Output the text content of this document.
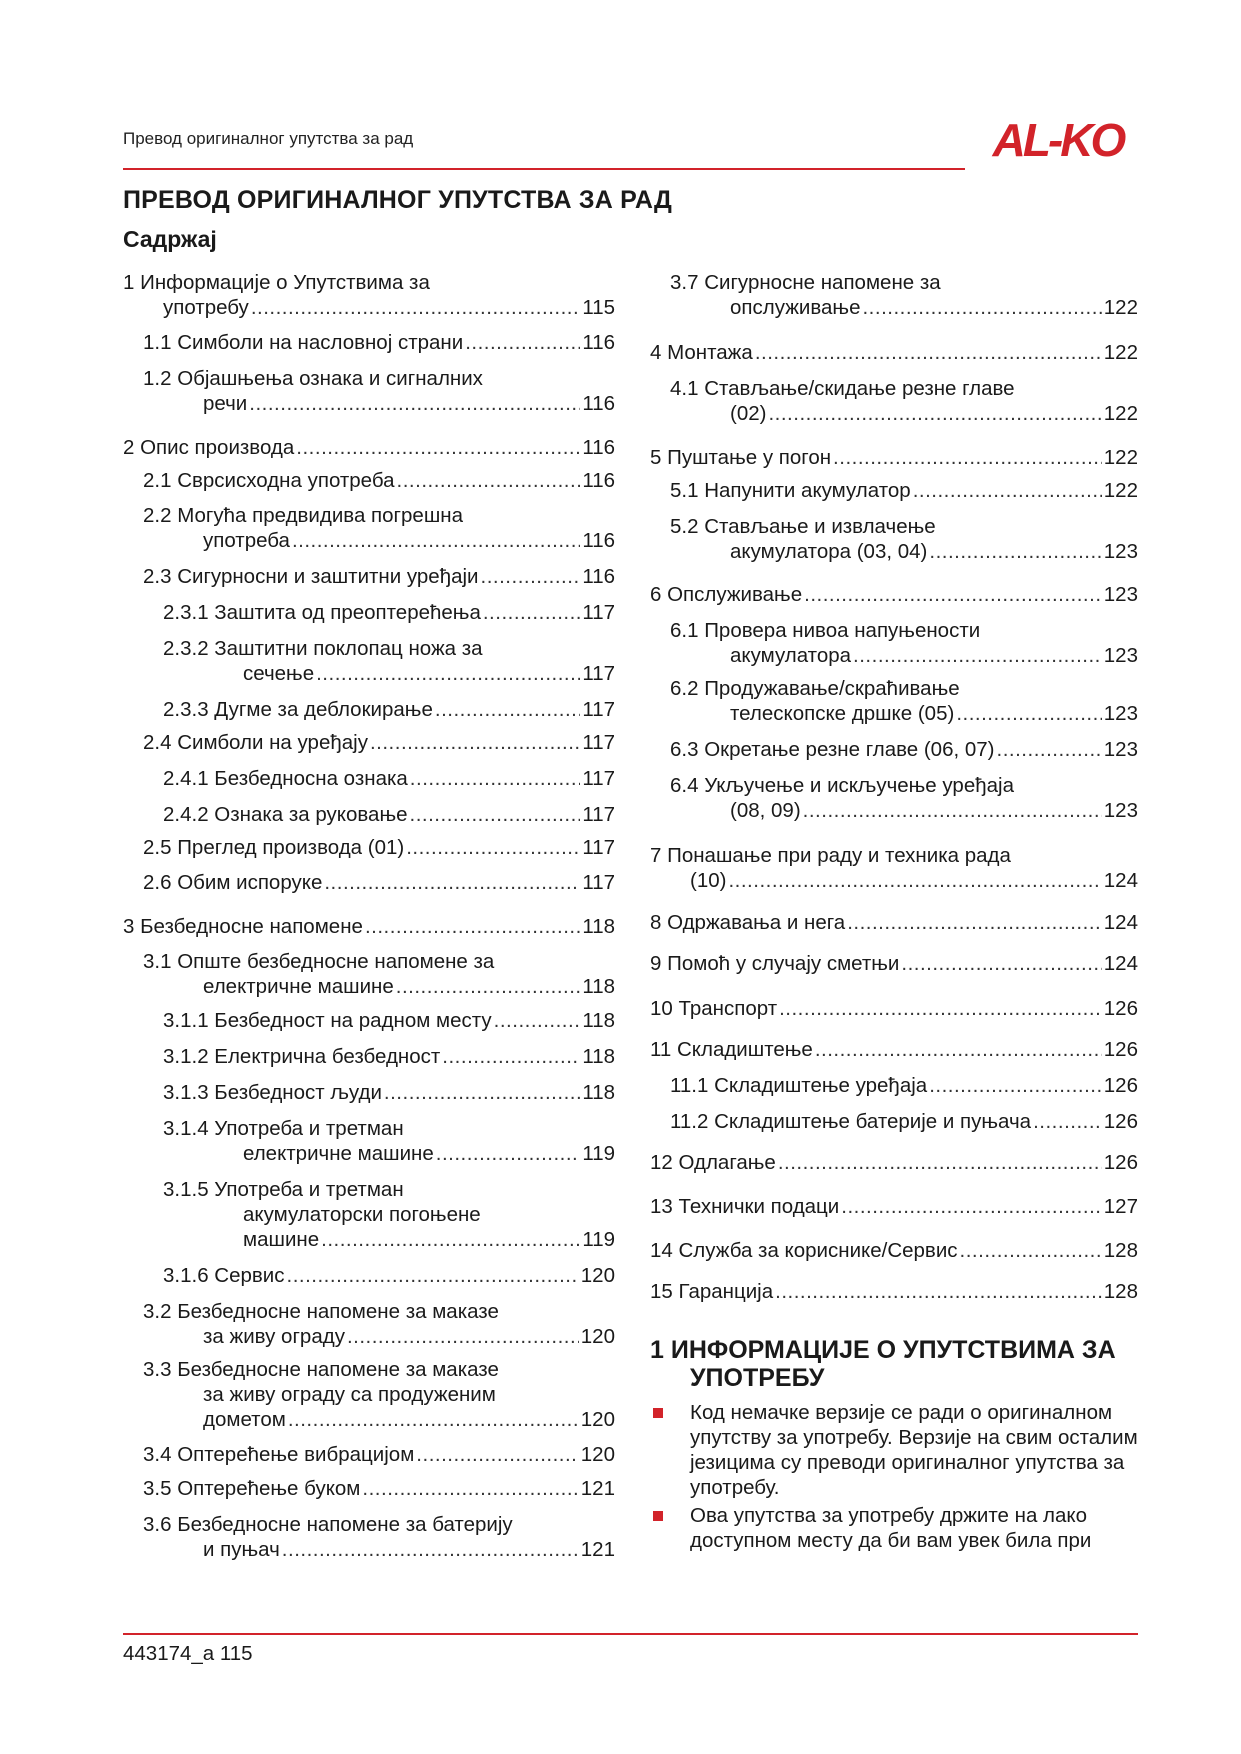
Превод оригиналног упутства за рад	AL-KO
ПРЕВОД ОРИГИНАЛНОГ УПУТСТВА ЗА РАД
Садржај
1 Информације о Упутствима за
употребу .....	115
1.1 Симболи на насловној страни .....	116
1.2 Објашњења ознака и сигналних
речи .....	116
2 Опис производа .....	116
2.1 Сврсисходна употреба .....	116
2.2 Могућа предвидива погрешна
употреба .....	116
2.3 Сигурносни и заштитни уређаји .....	116
2.3.1 Заштита од преоптерећења .....	117
2.3.2 Заштитни поклопац ножа за
сечење .....	117
2.3.3 Дугме за деблокирање .....	117
2.4 Симболи на уређају .....	117
2.4.1 Безбедносна ознака .....	117
2.4.2 Ознака за руковање .....	117
2.5 Преглед производа (01) .....	117
2.6 Обим испоруке .....	117
3 Безбедносне напомене .....	118
3.1 Опште безбедносне напомене за
електричне машине .....	118
3.1.1 Безбедност на радном месту .....	118
3.1.2 Електрична безбедност .....	118
3.1.3 Безбедност људи .....	118
3.1.4 Употреба и третман
електричне машине .....	119
3.1.5 Употреба и третман
акумулаторски погоњене
машине .....	119
3.1.6 Сервис .....	120
3.2 Безбедносне напомене за маказе
за живу ограду .....	120
3.3 Безбедносне напомене за маказе
за живу ограду са продуженим
дометом .....	120
3.4 Оптерећење вибрацијом .....	120
3.5 Оптерећење буком .....	121
3.6 Безбедносне напомене за батерију
и пуњач .....	121
3.7 Сигурносне напомене за
опслуживање .....	122
4 Монтажа .....	122
4.1 Стављање/скидање резне главе
(02) .....	122
5 Пуштање у погон .....	122
5.1 Напунити акумулатор .....	122
5.2 Стављање и извлачење
акумулатора (03, 04) .....	123
6 Опслуживање .....	123
6.1 Провера нивоа напуњености
акумулатора .....	123
6.2 Продужавање/скраћивање
телескопске дршке (05) .....	123
6.3 Окретање резне главе (06, 07) .....	123
6.4 Укључење и искључење уређаја
(08, 09) .....	123
7 Понашање при раду и техника рада
(10) .....	124
8 Одржавања и нега .....	124
9 Помоћ у случају сметњи .....	124
10 Транспорт .....	126
11 Складиштење .....	126
11.1 Складиштење уређаја .....	126
11.2 Складиштење батерије и пуњача .....	126
12 Одлагање .....	126
13 Технички подаци .....	127
14 Служба за кориснике/Сервис .....	128
15 Гаранција .....	128
1 ИНФОРМАЦИЈЕ О УПУТСТВИМА ЗА
УПОТРЕБУ
Код немачке верзије се ради о оригиналном упутству за употребу. Верзије на свим осталим језицима су преводи оригиналног упутства за употребу.
Ова упутства за употребу држите на лако доступном месту да би вам увек била при
443174_a 115
